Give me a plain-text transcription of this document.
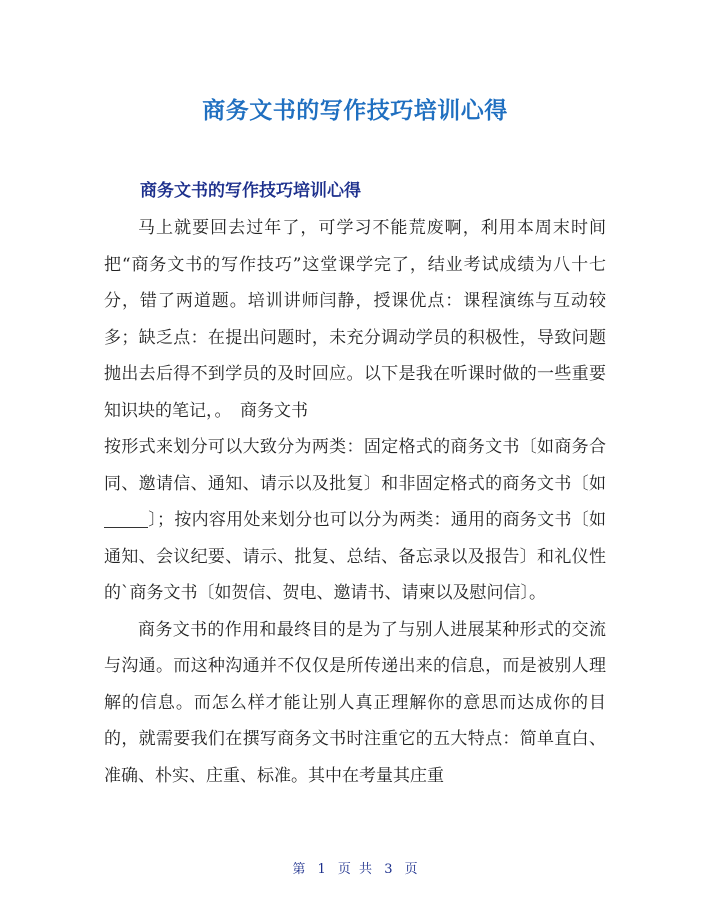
商务文书的写作技巧培训心得
商务文书的写作技巧培训心得

马上就要回去过年了，可学习不能荒废啊，利用本周末时间把“商务文书的写作技巧”这堂课学完了，结业考试成绩为八十七分，错了两道题。培训讲师闫静，授课优点：课程演练与互动较多；缺乏点：在提出问题时，未充分调动学员的积极性，导致问题抛出去后得不到学员的及时回应。以下是我在听课时做的一些重要知识块的笔记，。　商务文书

按形式来划分可以大致分为两类：固定格式的商务文书〔如商务合同、邀请信、通知、请示以及批复〕和非固定格式的商务文书〔如〕；按内容用处来划分也可以分为两类：通用的商务文书〔如通知、会议纪要、请示、批复、总结、备忘录以及报告〕和礼仪性的`商务文书〔如贺信、贺电、邀请书、请柬以及慰问信〕。

商务文书的作用和最终目的是为了与别人进展某种形式的交流与沟通。而这种沟通并不仅仅是所传递出来的信息，而是被别人理解的信息。而怎么样才能让别人真正理解你的意思而达成你的目的，就需要我们在撰写商务文书时注重它的五大特点：简单直白、准确、朴实、庄重、标准。其中在考量其庄重

第 1 页 共 3 页
